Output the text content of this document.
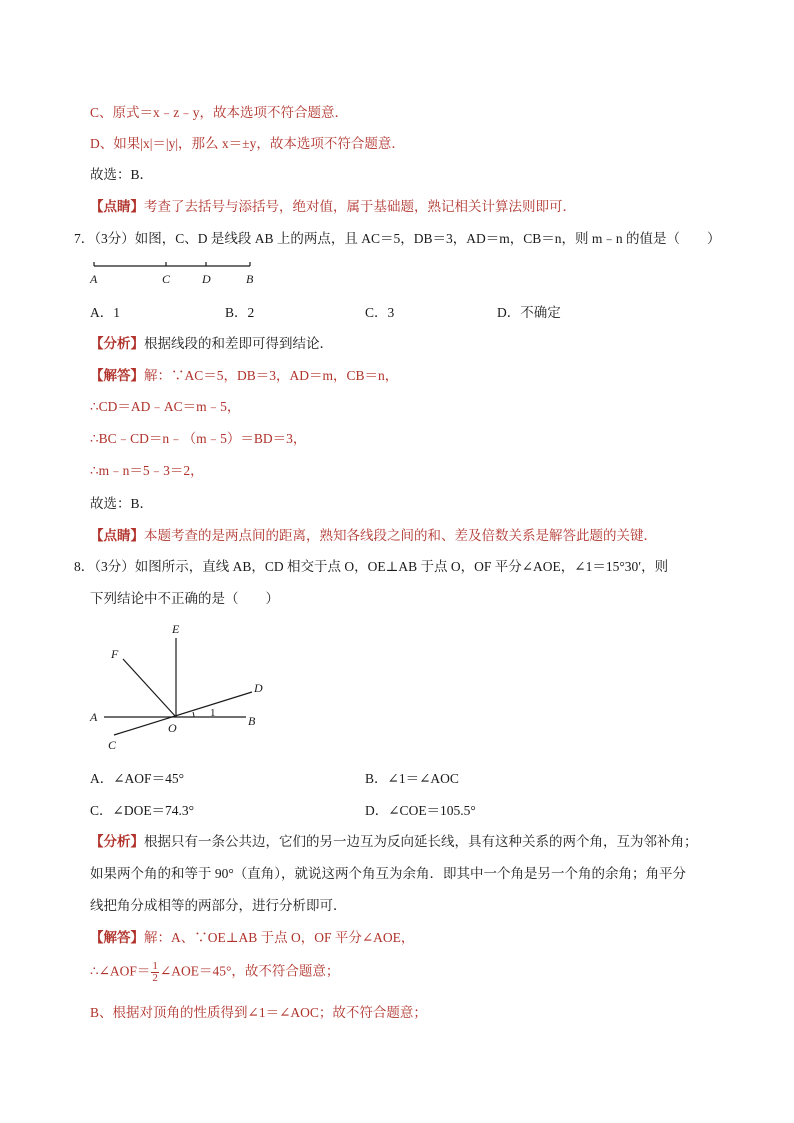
C、原式＝x﹣z﹣y，故本选项不符合题意．
D、如果|x|＝|y|，那么 x＝±y，故本选项不符合题意．
故选：B．
【点睛】考查了去括号与添括号，绝对值，属于基础题，熟记相关计算法则即可．
7．（3分）如图，C、D 是线段 AB 上的两点，且 AC＝5，DB＝3，AD＝m，CB＝n，则 m﹣n 的值是（　　）
A	C	D	B
A．1	B．2	C．3	D．不确定
【分析】根据线段的和差即可得到结论．
【解答】解：∵AC＝5，DB＝3，AD＝m，CB＝n，
∴CD＝AD﹣AC＝m﹣5，
∴BC﹣CD＝n﹣（m﹣5）＝BD＝3，
∴m﹣n＝5﹣3＝2，
故选：B．
【点睛】本题考查的是两点间的距离，熟知各线段之间的和、差及倍数关系是解答此题的关键．
8．（3分）如图所示，直线 AB，CD 相交于点 O，OE⊥AB 于点 O，OF 平分∠AOE，∠1＝15°30′，则
下列结论中不正确的是（　　）
E
F
D
A
O	B
C
1
A．∠AOF＝45°	B．∠1＝∠AOC
C．∠DOE＝74.3°	D．∠COE＝105.5°
【分析】根据只有一条公共边，它们的另一边互为反向延长线，具有这种关系的两个角，互为邻补角；
如果两个角的和等于 90°（直角），就说这两个角互为余角．即其中一个角是另一个角的余角；角平分
线把角分成相等的两部分，进行分析即可．
【解答】解：A、∵OE⊥AB 于点 O，OF 平分∠AOE，
∴∠AOF＝ $\frac{1}{2}$ ∠AOE＝45°，故不符合题意；
B、根据对顶角的性质得到∠1＝∠AOC；故不符合题意；
